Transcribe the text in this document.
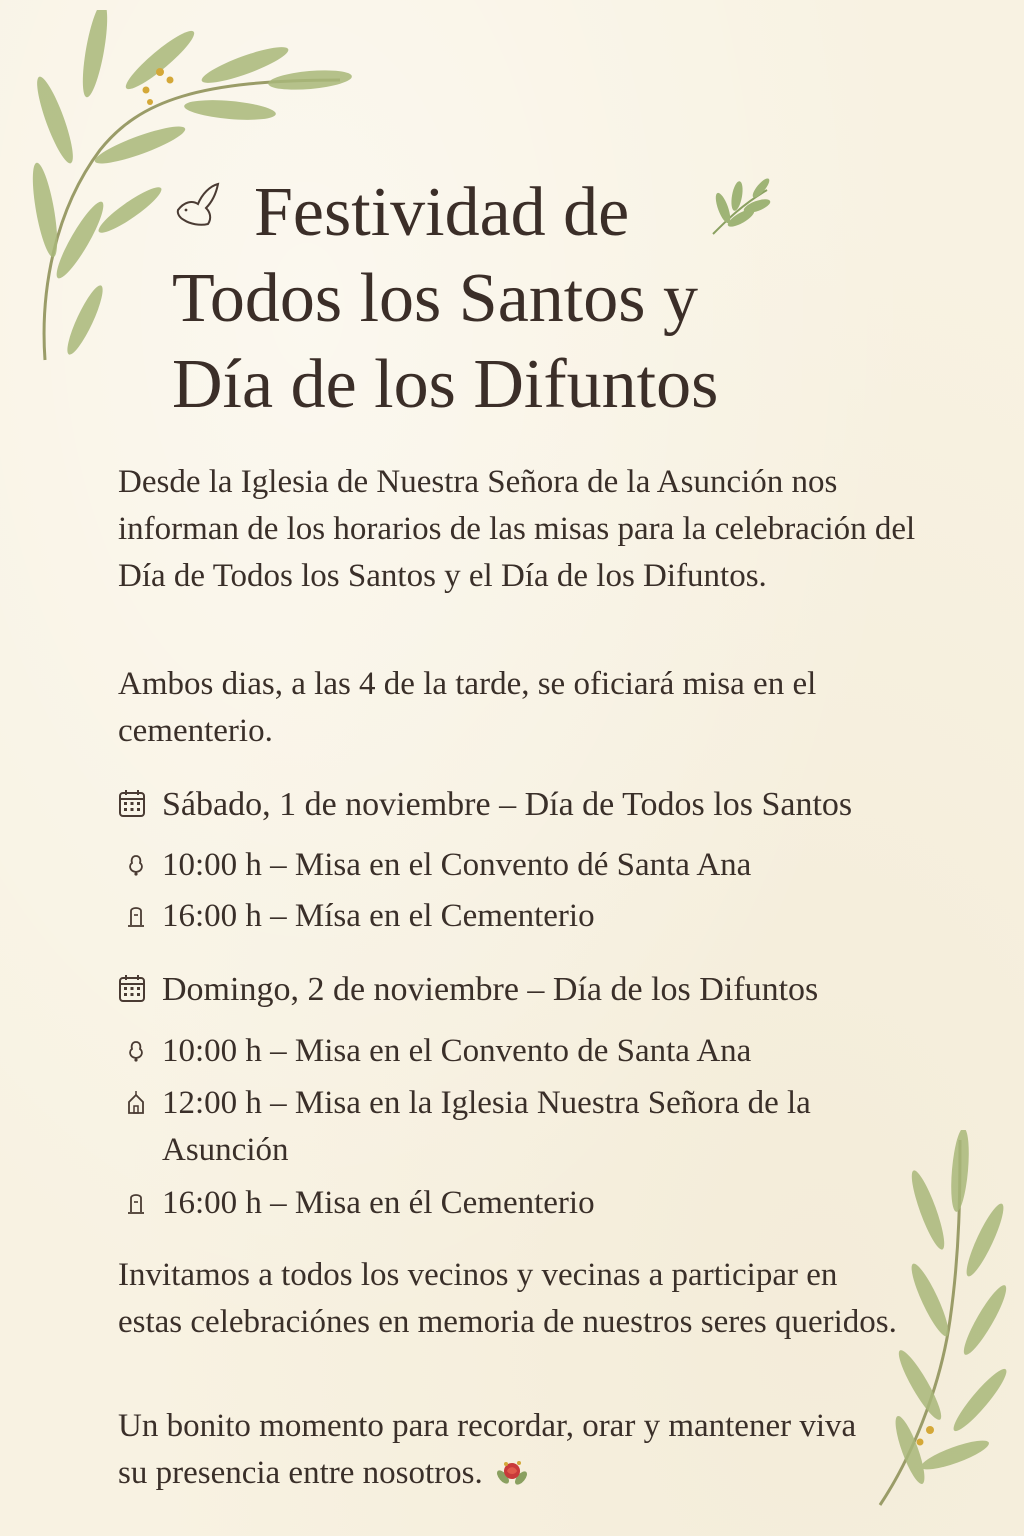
Festividad de
Todos los Santos y
Día de los Difuntos
Desde la Iglesia de Nuestra Señora de la Asunción nos informan de los horarios de las misas para la celebración del Día de Todos los Santos y el Día de los Difuntos.
Ambos dias, a las 4 de la tarde, se oficiará misa en el cementerio.
Sábado, 1 de noviembre – Día de Todos los Santos
10:00 h – Misa en el Convento dé Santa Ana
16:00 h – Mísa en el Cementerio
Domingo, 2 de noviembre – Día de los Difuntos
10:00 h – Misa en el Convento de Santa Ana
12:00 h – Misa en la Iglesia Nuestra Señora de la Asunción
16:00 h – Misa en él Cementerio
Invitamos a todos los vecinos y vecinas a participar en estas celebraciónes en memoria de nuestros seres queridos.
Un bonito momento para recordar, orar y mantener viva su presencia entre nosotros.
